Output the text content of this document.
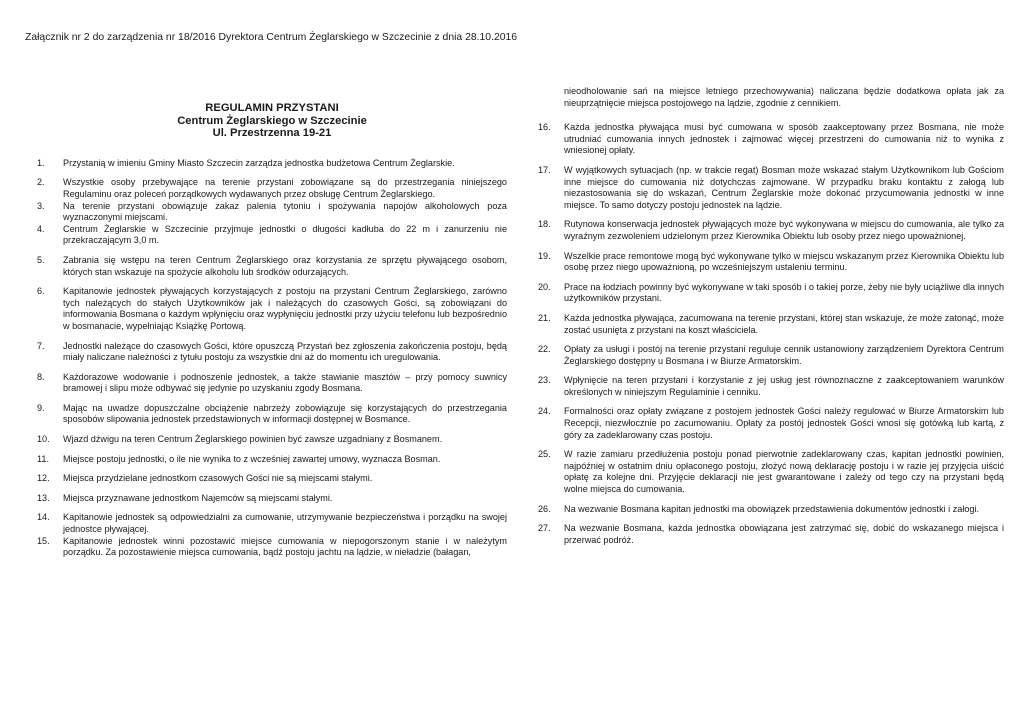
Załącznik nr 2 do zarządzenia nr 18/2016 Dyrektora Centrum Żeglarskiego w Szczecinie z dnia 28.10.2016
REGULAMIN PRZYSTANI
Centrum Żeglarskiego w Szczecinie
Ul. Przestrzenna 19-21
1.	Przystanią w imieniu Gminy Miasto Szczecin zarządza jednostka budżetowa Centrum Żeglarskie.
2.	Wszystkie osoby przebywające na terenie przystani zobowiązane są do przestrzegania niniejszego Regulaminu oraz poleceń porządkowych wydawanych przez obsługę Centrum Żeglarskiego.
3.	Na terenie przystani obowiązuje zakaz palenia tytoniu i spożywania napojów alkoholowych poza wyznaczonymi miejscami.
4.	Centrum Żeglarskie w Szczecinie przyjmuje jednostki o długości kadłuba do 22 m i zanurzeniu nie przekraczającym 3,0 m.
5.	Zabrania się wstępu na teren Centrum Żeglarskiego oraz korzystania ze sprzętu pływającego osobom, których stan wskazuje na spożycie alkoholu lub środków odurzających.
6.	Kapitanowie jednostek pływających korzystających z postoju na przystani Centrum Żeglarskiego, zarówno tych należących do stałych Użytkowników jak i należących do czasowych Gości, są zobowiązani do informowania Bosmana o każdym wpłynięciu oraz wypłynięciu jednostki przy użyciu telefonu lub bezpośrednio w bosmanacie, wypełniając Książkę Portową.
7.	Jednostki należące do czasowych Gości, które opuszczą Przystań bez zgłoszenia zakończenia postoju, będą miały naliczane należności z tytułu postoju za wszystkie dni aż do momentu ich uregulowania.
8.	Każdorazowe wodowanie i podnoszenie jednostek, a także stawianie masztów – przy pomocy suwnicy bramowej i slipu może odbywać się jedynie po uzyskaniu zgody Bosmana.
9.	Mając na uwadze dopuszczalne obciążenie nabrzeży zobowiązuje się korzystających do przestrzegania sposobów slipowania jednostek przedstawionych w informacji dostępnej w Bosmance.
10.	Wjazd dźwigu na teren Centrum Żeglarskiego powinien być zawsze uzgadniany z Bosmanem.
11.	Miejsce postoju jednostki, o ile nie wynika to z wcześniej zawartej umowy, wyznacza Bosman.
12.	Miejsca przydzielane jednostkom czasowych Gości nie są miejscami stałymi.
13.	Miejsca przyznawane jednostkom Najemców są miejscami stałymi.
14.	Kapitanowie jednostek są odpowiedzialni za cumowanie, utrzymywanie bezpieczeństwa i porządku na swojej jednostce pływającej.
15.	Kapitanowie jednostek winni pozostawić miejsce cumowania w niepogorszonym stanie i w należytym porządku. Za pozostawienie miejsca cumowania, bądź postoju jachtu na lądzie, w nieładzie (bałagan,
nieodholowanie sań na miejsce letniego przechowywania) naliczana będzie dodatkowa opłata jak za nieuprzątnięcie miejsca postojowego na lądzie, zgodnie z cennikiem.
16.	Każda jednostka pływająca musi być cumowana w sposób zaakceptowany przez Bosmana, nie może utrudniać cumowania innych jednostek i zajmować więcej przestrzeni do cumowania niż to wynika z wniesionej opłaty.
17.	W wyjątkowych sytuacjach (np. w trakcie regat) Bosman może wskazać stałym Użytkownikom lub Gościom inne miejsce do cumowania niż dotychczas zajmowane. W przypadku braku kontaktu z załogą lub niezastosowania się do wskazań, Centrum Żeglarskie może dokonać przycumowania jednostki w inne miejsce. To samo dotyczy postoju jednostek na lądzie.
18.	Rutynowa konserwacja jednostek pływających może być wykonywana w miejscu do cumowania, ale tylko za wyraźnym zezwoleniem udzielonym przez Kierownika Obiektu lub osoby przez niego upoważnionej.
19.	Wszelkie prace remontowe mogą być wykonywane tylko w miejscu wskazanym przez Kierownika Obiektu lub osobę przez niego upoważnioną, po wcześniejszym ustaleniu terminu.
20.	Prace na łodziach powinny być wykonywane w taki sposób i o takiej porze, żeby nie były uciążliwe dla innych użytkowników przystani.
21.	Każda jednostka pływająca, zacumowana na terenie przystani, której stan wskazuje, że może zatonąć, może zostać usunięta z przystani na koszt właściciela.
22.	Opłaty za usługi i postój na terenie przystani reguluje cennik ustanowiony zarządzeniem Dyrektora Centrum Żeglarskiego dostępny u Bosmana i w Biurze Armatorskim.
23.	Wpłynięcie na teren przystani i korzystanie z jej usług jest równoznaczne z zaakceptowaniem warunków określonych w niniejszym Regulaminie i cenniku.
24.	Formalności oraz opłaty związane z postojem jednostek Gości należy regulować w Biurze Armatorskim lub Recepcji, niezwłocznie po zacumowaniu. Opłaty za postój jednostek Gości wnosi się gotówką lub kartą, z góry za zadeklarowany czas postoju.
25.	W razie zamiaru przedłużenia postoju ponad pierwotnie zadeklarowany czas, kapitan jednostki powinien, najpóźniej w ostatnim dniu opłaconego postoju, złożyć nową deklarację postoju i w razie jej przyjęcia uiścić opłatę za kolejne dni. Przyjęcie deklaracji nie jest gwarantowane i zależy od tego czy na przystani będą wolne miejsca do cumowania.
26.	Na wezwanie Bosmana kapitan jednostki ma obowiązek przedstawienia dokumentów jednostki i załogi.
27.	Na wezwanie Bosmana, każda jednostka obowiązana jest zatrzymać się, dobić do wskazanego miejsca i przerwać podróż.
